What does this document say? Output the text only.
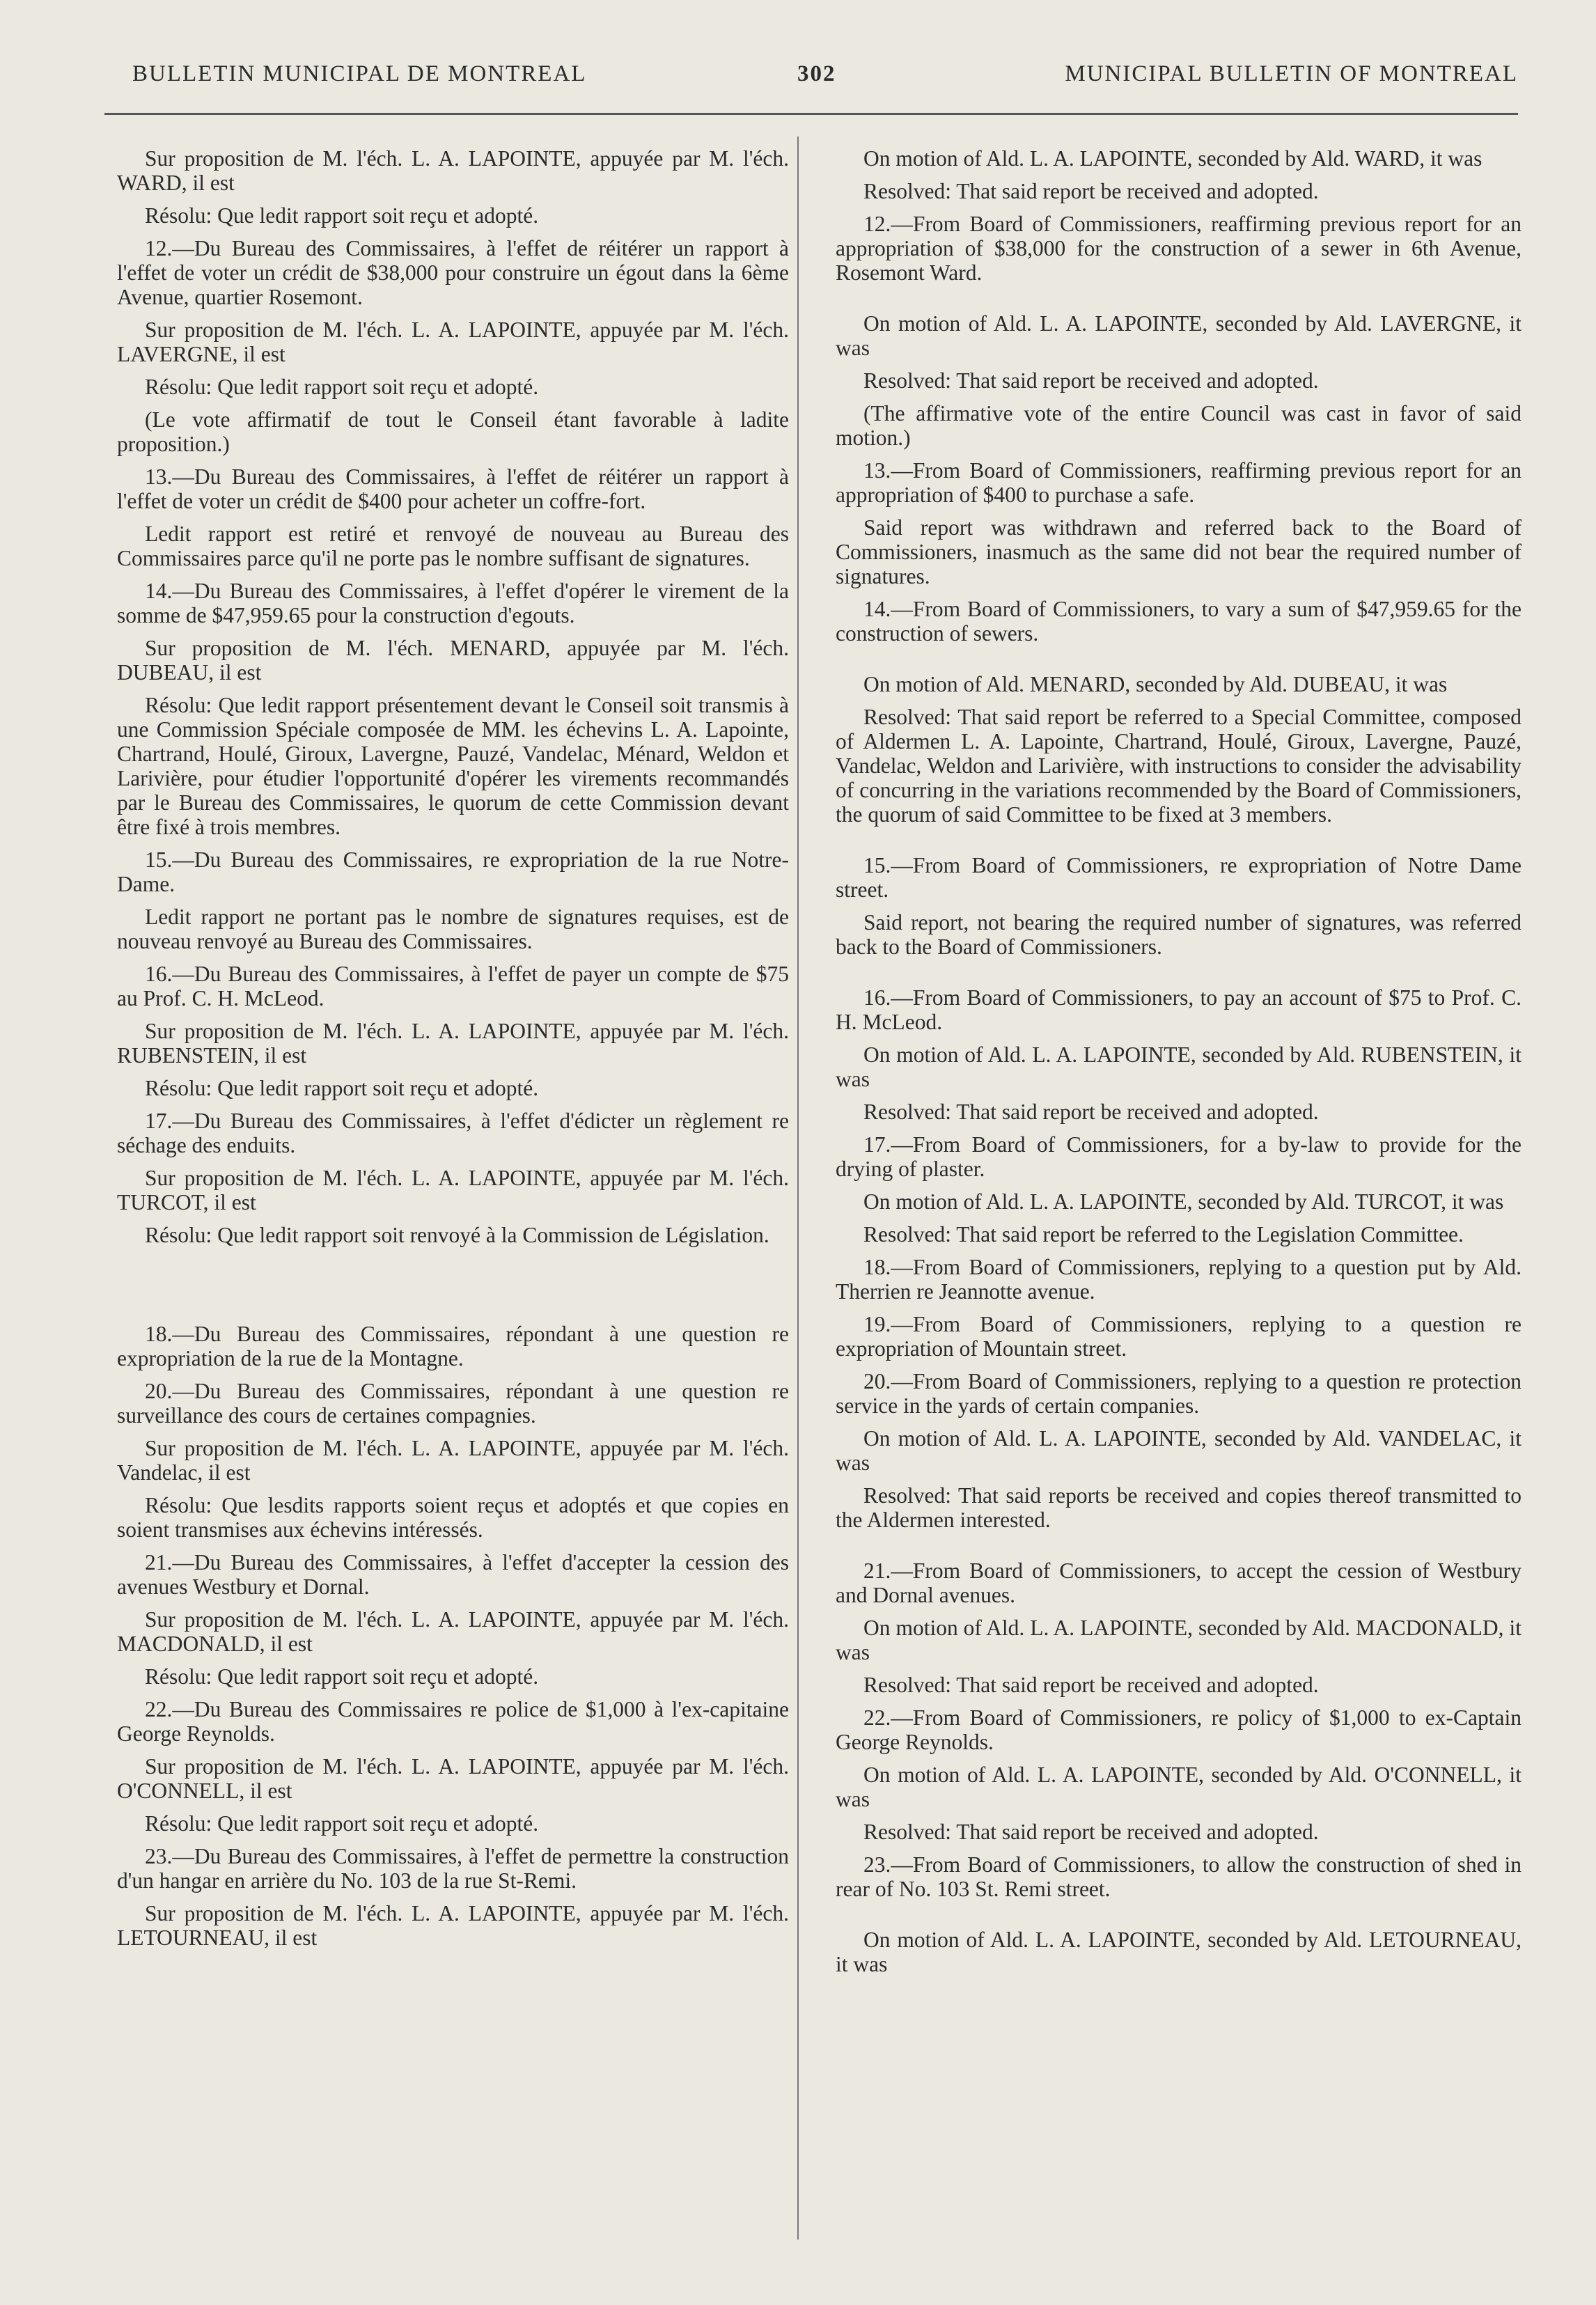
BULLETIN MUNICIPAL DE MONTREAL	302	MUNICIPAL BULLETIN OF MONTREAL

Sur proposition de M. l'éch. L. A. LAPOINTE, appuyée par M. l'éch. WARD, il est

Résolu: Que ledit rapport soit reçu et adopté.

12.—Du Bureau des Commissaires, à l'effet de réitérer un rapport à l'effet de voter un crédit de $38,000 pour construire un égout dans la 6ème Avenue, quartier Rosemont.

Sur proposition de M. l'éch. L. A. LAPOINTE, appuyée par M. l'éch. LAVERGNE, il est

Résolu: Que ledit rapport soit reçu et adopté.

(Le vote affirmatif de tout le Conseil étant favorable à ladite proposition.)

13.—Du Bureau des Commissaires, à l'effet de réitérer un rapport à l'effet de voter un crédit de $400 pour acheter un coffre-fort.

Ledit rapport est retiré et renvoyé de nouveau au Bureau des Commissaires parce qu'il ne porte pas le nombre suffisant de signatures.

14.—Du Bureau des Commissaires, à l'effet d'opérer le virement de la somme de $47,959.65 pour la construction d'egouts.

Sur proposition de M. l'éch. MENARD, appuyée par M. l'éch. DUBEAU, il est

Résolu: Que ledit rapport présentement devant le Conseil soit transmis à une Commission Spéciale composée de MM. les échevins L. A. Lapointe, Chartrand, Houlé, Giroux, Lavergne, Pauzé, Vandelac, Ménard, Weldon et Larivière, pour étudier l'opportunité d'opérer les virements recommandés par le Bureau des Commissaires, le quorum de cette Commission devant être fixé à trois membres.

15.—Du Bureau des Commissaires, re expropriation de la rue Notre-Dame.

Ledit rapport ne portant pas le nombre de signatures requises, est de nouveau renvoyé au Bureau des Commissaires.

16.—Du Bureau des Commissaires, à l'effet de payer un compte de $75 au Prof. C. H. McLeod.

Sur proposition de M. l'éch. L. A. LAPOINTE, appuyée par M. l'éch. RUBENSTEIN, il est

Résolu: Que ledit rapport soit reçu et adopté.

17.—Du Bureau des Commissaires, à l'effet d'édicter un règlement re séchage des enduits.

Sur proposition de M. l'éch. L. A. LAPOINTE, appuyée par M. l'éch. TURCOT, il est

Résolu: Que ledit rapport soit renvoyé à la Commission de Législation.

18.—Du Bureau des Commissaires, répondant à une question re expropriation de la rue de la Montagne.

20.—Du Bureau des Commissaires, répondant à une question re surveillance des cours de certaines compagnies.

Sur proposition de M. l'éch. L. A. LAPOINTE, appuyée par M. l'éch. Vandelac, il est

Résolu: Que lesdits rapports soient reçus et adoptés et que copies en soient transmises aux échevins intéressés.

21.—Du Bureau des Commissaires, à l'effet d'accepter la cession des avenues Westbury et Dornal.

Sur proposition de M. l'éch. L. A. LAPOINTE, appuyée par M. l'éch. MACDONALD, il est

Résolu: Que ledit rapport soit reçu et adopté.

22.—Du Bureau des Commissaires re police de $1,000 à l'ex-capitaine George Reynolds.

Sur proposition de M. l'éch. L. A. LAPOINTE, appuyée par M. l'éch. O'CONNELL, il est

Résolu: Que ledit rapport soit reçu et adopté.

23.—Du Bureau des Commissaires, à l'effet de permettre la construction d'un hangar en arrière du No. 103 de la rue St-Remi.

Sur proposition de M. l'éch. L. A. LAPOINTE, appuyée par M. l'éch. LETOURNEAU, il est

On motion of Ald. L. A. LAPOINTE, seconded by Ald. WARD, it was

Resolved: That said report be received and adopted.

12.—From Board of Commissioners, reaffirming previous report for an appropriation of $38,000 for the construction of a sewer in 6th Avenue, Rosemont Ward.

On motion of Ald. L. A. LAPOINTE, seconded by Ald. LAVERGNE, it was

Resolved: That said report be received and adopted.

(The affirmative vote of the entire Council was cast in favor of said motion.)

13.—From Board of Commissioners, reaffirming previous report for an appropriation of $400 to purchase a safe.

Said report was withdrawn and referred back to the Board of Commissioners, inasmuch as the same did not bear the required number of signatures.

14.—From Board of Commissioners, to vary a sum of $47,959.65 for the construction of sewers.

On motion of Ald. MENARD, seconded by Ald. DUBEAU, it was

Resolved: That said report be referred to a Special Committee, composed of Aldermen L. A. Lapointe, Chartrand, Houlé, Giroux, Lavergne, Pauzé, Vandelac, Weldon and Larivière, with instructions to consider the advisability of concurring in the variations recommended by the Board of Commissioners, the quorum of said Committee to be fixed at 3 members.

15.—From Board of Commissioners, re expropriation of Notre Dame street.

Said report, not bearing the required number of signatures, was referred back to the Board of Commissioners.

16.—From Board of Commissioners, to pay an account of $75 to Prof. C. H. McLeod.

On motion of Ald. L. A. LAPOINTE, seconded by Ald. RUBENSTEIN, it was

Resolved: That said report be received and adopted.

17.—From Board of Commissioners, for a by-law to provide for the drying of plaster.

On motion of Ald. L. A. LAPOINTE, seconded by Ald. TURCOT, it was

Resolved: That said report be referred to the Legislation Committee.

18.—From Board of Commissioners, replying to a question put by Ald. Therrien re Jeannotte avenue.

19.—From Board of Commissioners, replying to a question re expropriation of Mountain street.

20.—From Board of Commissioners, replying to a question re protection service in the yards of certain companies.

On motion of Ald. L. A. LAPOINTE, seconded by Ald. VANDELAC, it was

Resolved: That said reports be received and copies thereof transmitted to the Aldermen interested.

21.—From Board of Commissioners, to accept the cession of Westbury and Dornal avenues.

On motion of Ald. L. A. LAPOINTE, seconded by Ald. MACDONALD, it was

Resolved: That said report be received and adopted.

22.—From Board of Commissioners, re policy of $1,000 to ex-Captain George Reynolds.

On motion of Ald. L. A. LAPOINTE, seconded by Ald. O'CONNELL, it was

Resolved: That said report be received and adopted.

23.—From Board of Commissioners, to allow the construction of shed in rear of No. 103 St. Remi street.

On motion of Ald. L. A. LAPOINTE, seconded by Ald. LETOURNEAU, it was
